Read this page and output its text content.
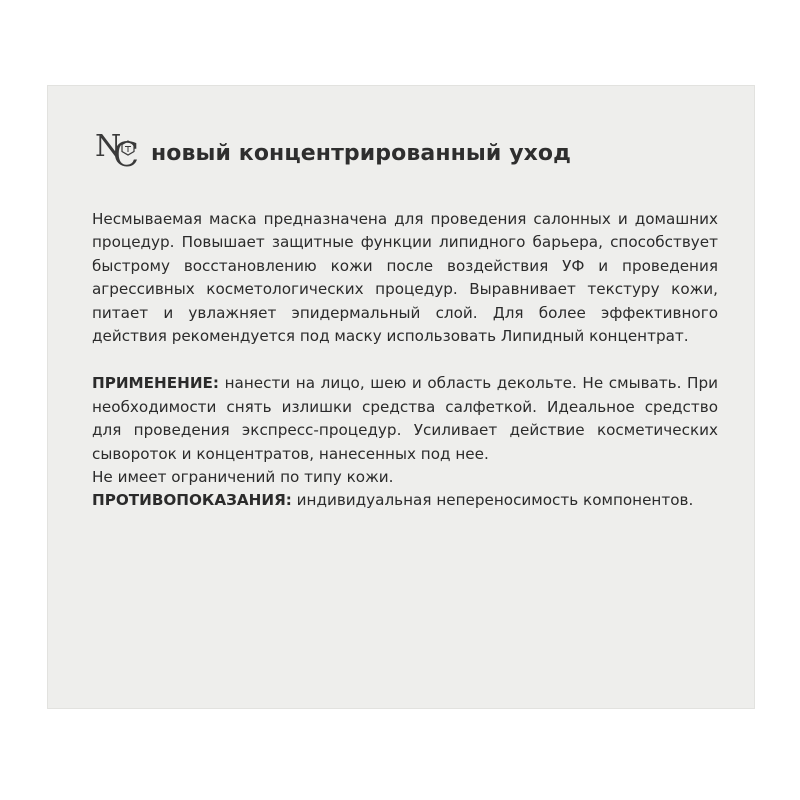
N
C новый концентрированный уход

Несмываемая маска предназначена для проведения салонных и домашних процедур. Повышает защитные функции липидного барьера, способствует быстрому восстановлению кожи после воздействия УФ и проведения агрессивных косметологических процедур. Выравнивает текстуру кожи, питает и увлажняет эпидермальный слой. Для более эффективного действия рекомендуется под маску использовать Липидный концентрат.

ПРИМЕНЕНИЕ: нанести на лицо, шею и область декольте. Не смывать. При необходимости снять излишки средства салфеткой. Идеальное средство для проведения экспресс-процедур. Усиливает действие косметических сывороток и концентратов, нанесенных под нее.

Не имеет ограничений по типу кожи.

ПРОТИВОПОКАЗАНИЯ: индивидуальная непереносимость компонентов.
